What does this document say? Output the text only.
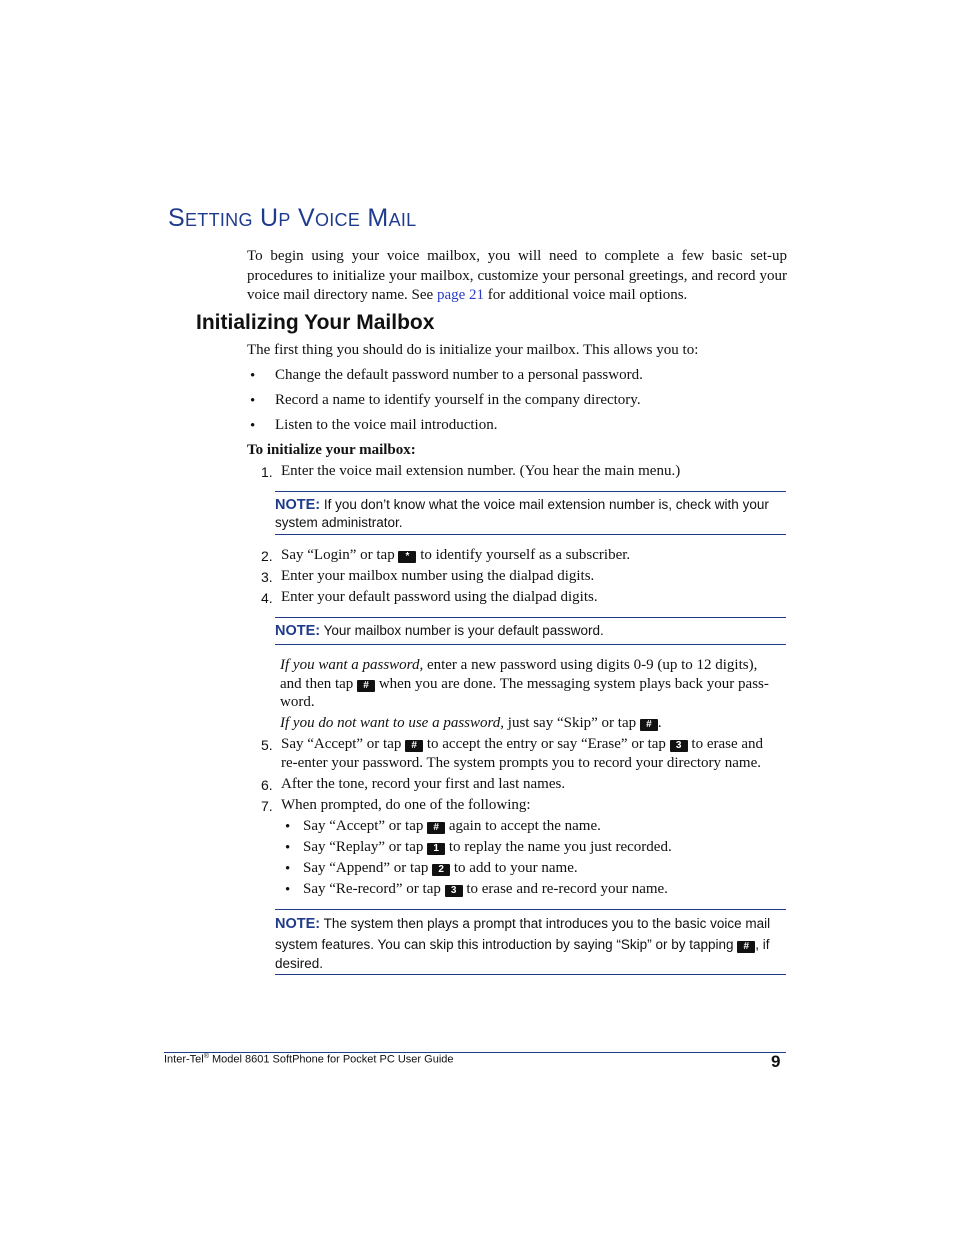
SETTING UP VOICE MAIL
To begin using your voice mailbox, you will need to complete a few basic set-up procedures to initialize your mailbox, customize your personal greetings, and record your voice mail directory name. See page 21 for additional voice mail options.
Initializing Your Mailbox
The first thing you should do is initialize your mailbox. This allows you to:
• Change the default password number to a personal password.
• Record a name to identify yourself in the company directory.
• Listen to the voice mail introduction.
To initialize your mailbox:
1. Enter the voice mail extension number. (You hear the main menu.)
NOTE: If you don’t know what the voice mail extension number is, check with your system administrator.
2. Say “Login” or tap * to identify yourself as a subscriber.
3. Enter your mailbox number using the dialpad digits.
4. Enter your default password using the dialpad digits.
NOTE: Your mailbox number is your default password.
If you want a password, enter a new password using digits 0-9 (up to 12 digits),
and then tap # when you are done. The messaging system plays back your pass-
word.
If you do not want to use a password, just say “Skip” or tap # .
5. Say “Accept” or tap # to accept the entry or say “Erase” or tap 3 to erase and
re-enter your password. The system prompts you to record your directory name.
6. After the tone, record your first and last names.
7. When prompted, do one of the following:
• Say “Accept” or tap # again to accept the name.
• Say “Replay” or tap 1 to replay the name you just recorded.
• Say “Append” or tap 2 to add to your name.
• Say “Re-record” or tap 3 to erase and re-record your name.
NOTE: The system then plays a prompt that introduces you to the basic voice mail
system features. You can skip this introduction by saying “Skip” or by tapping # , if
desired.
Inter-Tel® Model 8601 SoftPhone for Pocket PC User Guide	9
